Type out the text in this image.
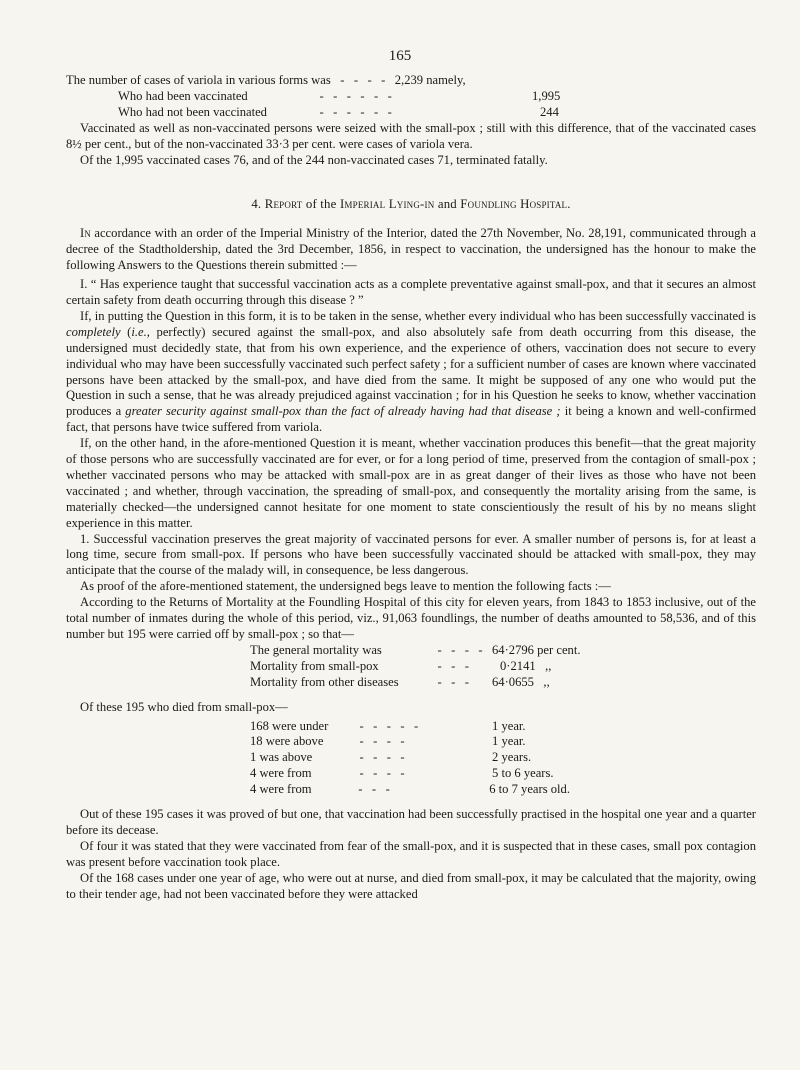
165
The number of cases of variola in various forms was -   -   -   - 2,239 namely,
Who had been vaccinated	-   -   -   -   -   -	1,995
Who had not been vaccinated	-   -   -   -   -   -	244

Vaccinated as well as non-vaccinated persons were seized with the small-pox ; still with this difference, that of the vaccinated cases 8½ per cent., but of the non-vaccinated 33·3 per cent. were cases of variola vera.

Of the 1,995 vaccinated cases 76, and of the 244 non-vaccinated cases 71, terminated fatally.

4. Report of the Imperial Lying-in and Foundling Hospital.

In accordance with an order of the Imperial Ministry of the Interior, dated the 27th November, No. 28,191, communicated through a decree of the Stadtholdership, dated the 3rd December, 1856, in respect to vaccination, the undersigned has the honour to make the following Answers to the Questions therein submitted :—

I. “ Has experience taught that successful vaccination acts as a complete preventative against small-pox, and that it secures an almost certain safety from death occurring through this disease ? ”

If, in putting the Question in this form, it is to be taken in the sense, whether every individual who has been successfully vaccinated is completely (i.e., perfectly) secured against the small-pox, and also absolutely safe from death occurring from this disease, the undersigned must decidedly state, that from his own experience, and the experience of others, vaccination does not secure to every individual who may have been successfully vaccinated such perfect safety ; for a sufficient number of cases are known where vaccinated persons have been attacked by the small-pox, and have died from the same. It might be supposed of any one who would put the Question in such a sense, that he was already prejudiced against vaccination ; for in his Question he seeks to know, whether vaccination produces a greater security against small-pox than the fact of already having had that disease ; it being a known and well-confirmed fact, that persons have twice suffered from variola.

If, on the other hand, in the afore-mentioned Question it is meant, whether vaccination produces this benefit—that the great majority of those persons who are successfully vaccinated are for ever, or for a long period of time, preserved from the contagion of small-pox ; whether vaccinated persons who may be attacked with small-pox are in as great danger of their lives as those who have not been vaccinated ; and whether, through vaccination, the spreading of small-pox, and consequently the mortality arising from the same, is materially checked—the undersigned cannot hesitate for one moment to state conscientiously the result of his by no means slight experience in this matter.

1. Successful vaccination preserves the great majority of vaccinated persons for ever. A smaller number of persons is, for at least a long time, secure from small-pox. If persons who have been successfully vaccinated should be attacked with small-pox, they may anticipate that the course of the malady will, in consequence, be less dangerous.

As proof of the afore-mentioned statement, the undersigned begs leave to mention the following facts :—

According to the Returns of Mortality at the Foundling Hospital of this city for eleven years, from 1843 to 1853 inclusive, out of the total number of inmates during the whole of this period, viz., 91,063 foundlings, the number of deaths amounted to 58,536, and of this number but 195 were carried off by small-pox ; so that—

The general mortality was	-   -   -   - 64·2796 per cent.
Mortality from small-pox	-   -   -	0·2141   ,,
Mortality from other diseases	-   -   -	64·0655   ,,

Of these 195 who died from small-pox—

168 were under	-   -   -   -   -	1 year.
18 were above	-   -   -   -	1 year.
1 was above	-   -   -   -	2 years.
4 were from	-   -   -   -	5 to 6 years.
4 were from	-   -   -	6 to 7 years old.

Out of these 195 cases it was proved of but one, that vaccination had been successfully practised in the hospital one year and a quarter before its decease.

Of four it was stated that they were vaccinated from fear of the small-pox, and it is suspected that in these cases, small pox contagion was present before vaccination took place.

Of the 168 cases under one year of age, who were out at nurse, and died from small-pox, it may be calculated that the majority, owing to their tender age, had not been vaccinated before they were attacked
